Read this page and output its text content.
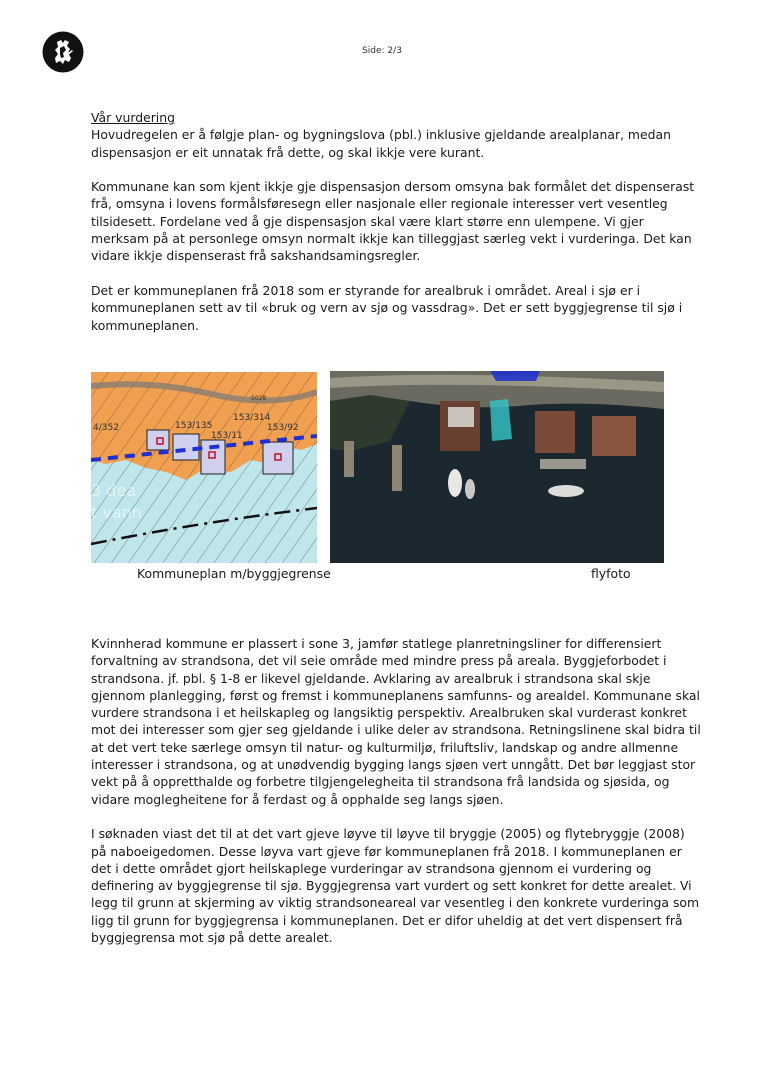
Side: 2/3

Vår vurdering

Hovudregelen er å følgje plan- og bygningslova (pbl.) inklusive gjeldande arealplanar, medan dispensasjon er eit unnatak frå dette, og skal ikkje vere kurant.

Kommunane kan som kjent ikkje gje dispensasjon dersom omsyna bak formålet det dispenserast frå, omsyna i lovens formålsføresegn eller nasjonale eller regionale interesser vert vesentleg tilsidesett. Fordelane ved å gje dispensasjon skal være klart større enn ulempene. Vi gjer merksam på at personlege omsyn normalt ikkje kan tilleggjast særleg vekt i vurderinga. Det kan vidare ikkje dispenserast frå sakshandsamingsregler.

Det er kommuneplanen frå 2018 som er styrande for arealbruk i området. Areal i sjø er i kommuneplanen sett av til «bruk og vern av sjø og vassdrag». Det er sett byggjegrense til sjø i kommuneplanen.

153/314
153/135
153/11
153/92
5028
4/352
3 dea
t vann
Kommuneplan m/byggjegrense	flyfoto

Kvinnherad kommune er plassert i sone 3, jamfør statlege planretningsliner for differensiert forvaltning av strandsona, det vil seie område med mindre press på areala. Byggjeforbodet i strandsona. jf. pbl. § 1-8 er likevel gjeldande. Avklaring av arealbruk i strandsona skal skje gjennom planlegging, først og fremst i kommuneplanens samfunns- og arealdel. Kommunane skal vurdere strandsona i et heilskapleg og langsiktig perspektiv. Arealbruken skal vurderast konkret mot dei interesser som gjer seg gjeldande i ulike deler av strandsona. Retningslinene skal bidra til at det vert teke særlege omsyn til natur- og kulturmiljø, friluftsliv, landskap og andre allmenne interesser i strandsona, og at unødvendig bygging langs sjøen vert unngått. Det bør leggjast stor vekt på å oppretthalde og forbetre tilgjengelegheita til strandsona frå landsida og sjøsida, og vidare moglegheitene for å ferdast og å opphalde seg langs sjøen.

I søknaden viast det til at det vart gjeve løyve til løyve til bryggje (2005) og flytebryggje (2008) på naboeigedomen. Desse løyva vart gjeve før kommuneplanen frå 2018. I kommuneplanen er det i dette området gjort heilskaplege vurderingar av strandsona gjennom ei vurdering og definering av byggjegrense til sjø. Byggjegrensa vart vurdert og sett konkret for dette arealet. Vi legg til grunn at skjerming av viktig strandsoneareal var vesentleg i den konkrete vurderinga som ligg til grunn for byggjegrensa i kommuneplanen. Det er difor uheldig at det vert dispensert frå byggjegrensa mot sjø på dette arealet.
